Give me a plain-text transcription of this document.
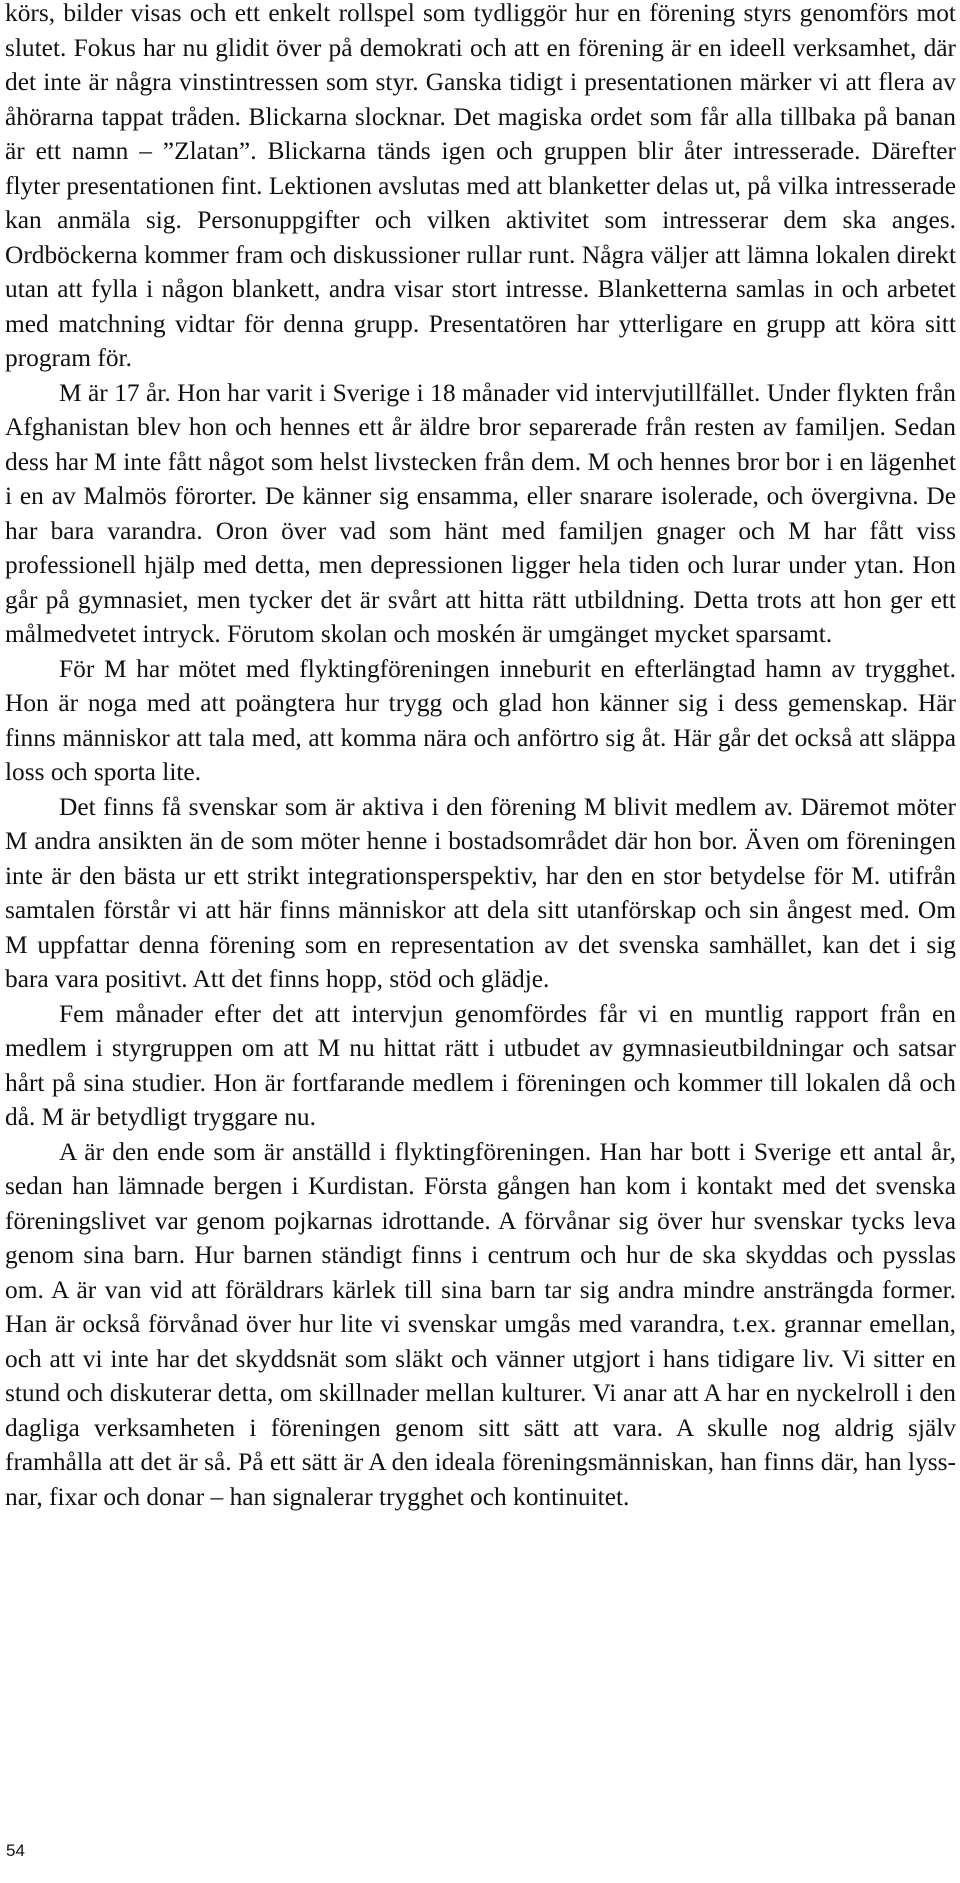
körs, bilder visas och ett enkelt rollspel som tydliggör hur en förening styrs genomförs mot slutet. Fokus har nu glidit över på demokrati och att en förening är en ideell verksamhet, där det inte är några vinstintressen som styr. Ganska tidigt i presentationen märker vi att flera av åhörarna tappat tråden. Blickarna slocknar. Det magiska ordet som får alla tillbaka på banan är ett namn – ”Zlatan”. Blickarna tänds igen och gruppen blir åter intresserade. Därefter flyter presentationen fint. Lektionen avslutas med att blanketter delas ut, på vilka intresserade kan anmäla sig. Personuppgifter och vilken aktivitet som intresserar dem ska anges. Ordböckerna kommer fram och diskussioner rullar runt. Några väljer att lämna lokalen direkt utan att fylla i någon blankett, andra visar stort intresse. Blanketterna samlas in och arbetet med matchning vidtar för denna grupp. Presentatören har ytterligare en grupp att köra sitt program för.

M är 17 år. Hon har varit i Sverige i 18 månader vid intervjutillfället. Under flykten från Afghanistan blev hon och hennes ett år äldre bror separerade från resten av familjen. Sedan dess har M inte fått något som helst livstecken från dem. M och hennes bror bor i en lägenhet i en av Malmös förorter. De känner sig ensamma, eller snarare isolerade, och övergivna. De har bara varandra. Oron över vad som hänt med familjen gnager och M har fått viss professionell hjälp med detta, men depressionen ligger hela tiden och lurar under ytan. Hon går på gymnasiet, men tycker det är svårt att hitta rätt utbildning. Detta trots att hon ger ett målmedvetet intryck. Förutom skolan och moskén är umgänget mycket sparsamt.

För M har mötet med flyktingföreningen inneburit en efterlängtad hamn av trygghet. Hon är noga med att poängtera hur trygg och glad hon känner sig i dess gemenskap. Här finns människor att tala med, att komma nära och anförtro sig åt. Här går det också att släppa loss och sporta lite.

Det finns få svenskar som är aktiva i den förening M blivit medlem av. Däremot möter M andra ansikten än de som möter henne i bostadsområdet där hon bor. Även om föreningen inte är den bästa ur ett strikt integrationsperspektiv, har den en stor betydelse för M. utifrån samtalen förstår vi att här finns människor att dela sitt utanförskap och sin ångest med. Om M uppfattar denna förening som en representation av det svenska samhället, kan det i sig bara vara positivt. Att det finns hopp, stöd och glädje.

Fem månader efter det att intervjun genomfördes får vi en muntlig rapport från en medlem i styrgruppen om att M nu hittat rätt i utbudet av gymnasieutbildningar och satsar hårt på sina studier. Hon är fortfarande medlem i föreningen och kommer till lokalen då och då. M är betydligt tryggare nu.

A är den ende som är anställd i flyktingföreningen. Han har bott i Sverige ett antal år, sedan han lämnade bergen i Kurdistan. Första gången han kom i kontakt med det svenska föreningslivet var genom pojkarnas idrottande. A förvånar sig över hur svenskar tycks leva genom sina barn. Hur barnen ständigt finns i centrum och hur de ska skyddas och pysslas om. A är van vid att föräldrars kärlek till sina barn tar sig andra mindre ansträngda former. Han är också förvånad över hur lite vi svenskar umgås med varandra, t.ex. grannar emellan, och att vi inte har det skyddsnät som släkt och vänner utgjort i hans tidigare liv. Vi sitter en stund och diskuterar detta, om skillnader mellan kulturer. Vi anar att A har en nyckelroll i den dagliga verksamheten i föreningen genom sitt sätt att vara. A skulle nog aldrig själv framhålla att det är så. På ett sätt är A den ideala föreningsmänniskan, han finns där, han lyssnar, fixar och donar – han signalerar trygghet och kontinuitet.

54
